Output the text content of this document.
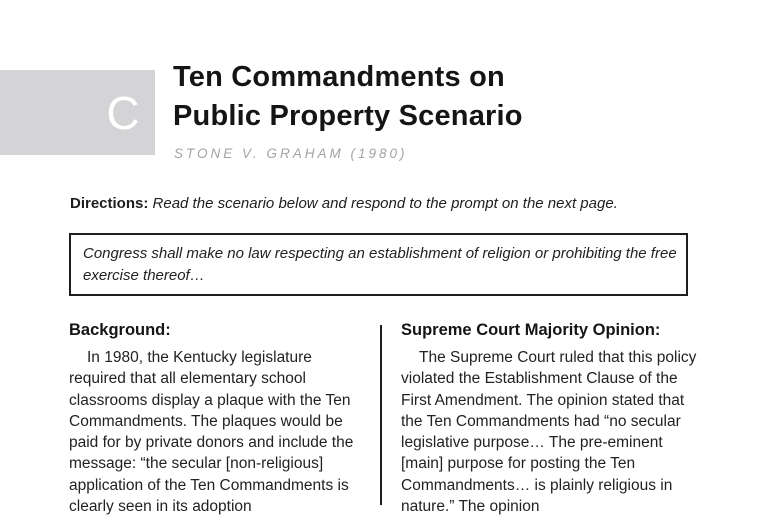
C
Ten Commandments on
Public Property Scenario
STONE V. GRAHAM (1980)
Directions: Read the scenario below and respond to the prompt on the next page.
Congress shall make no law respecting an establishment of religion or prohibiting the free exercise thereof…
Background:

In 1980, the Kentucky legislature required that all elementary school classrooms display a plaque with the Ten Commandments. The plaques would be paid for by private donors and include the message: “the secular [non-religious] application of the Ten Commandments is clearly seen in its adoption

Supreme Court Majority Opinion:

The Supreme Court ruled that this policy violated the Establishment Clause of the First Amendment. The opinion stated that the Ten Commandments had “no secular legislative purpose… The pre-eminent [main] purpose for posting the Ten Commandments… is plainly religious in nature.” The opinion
